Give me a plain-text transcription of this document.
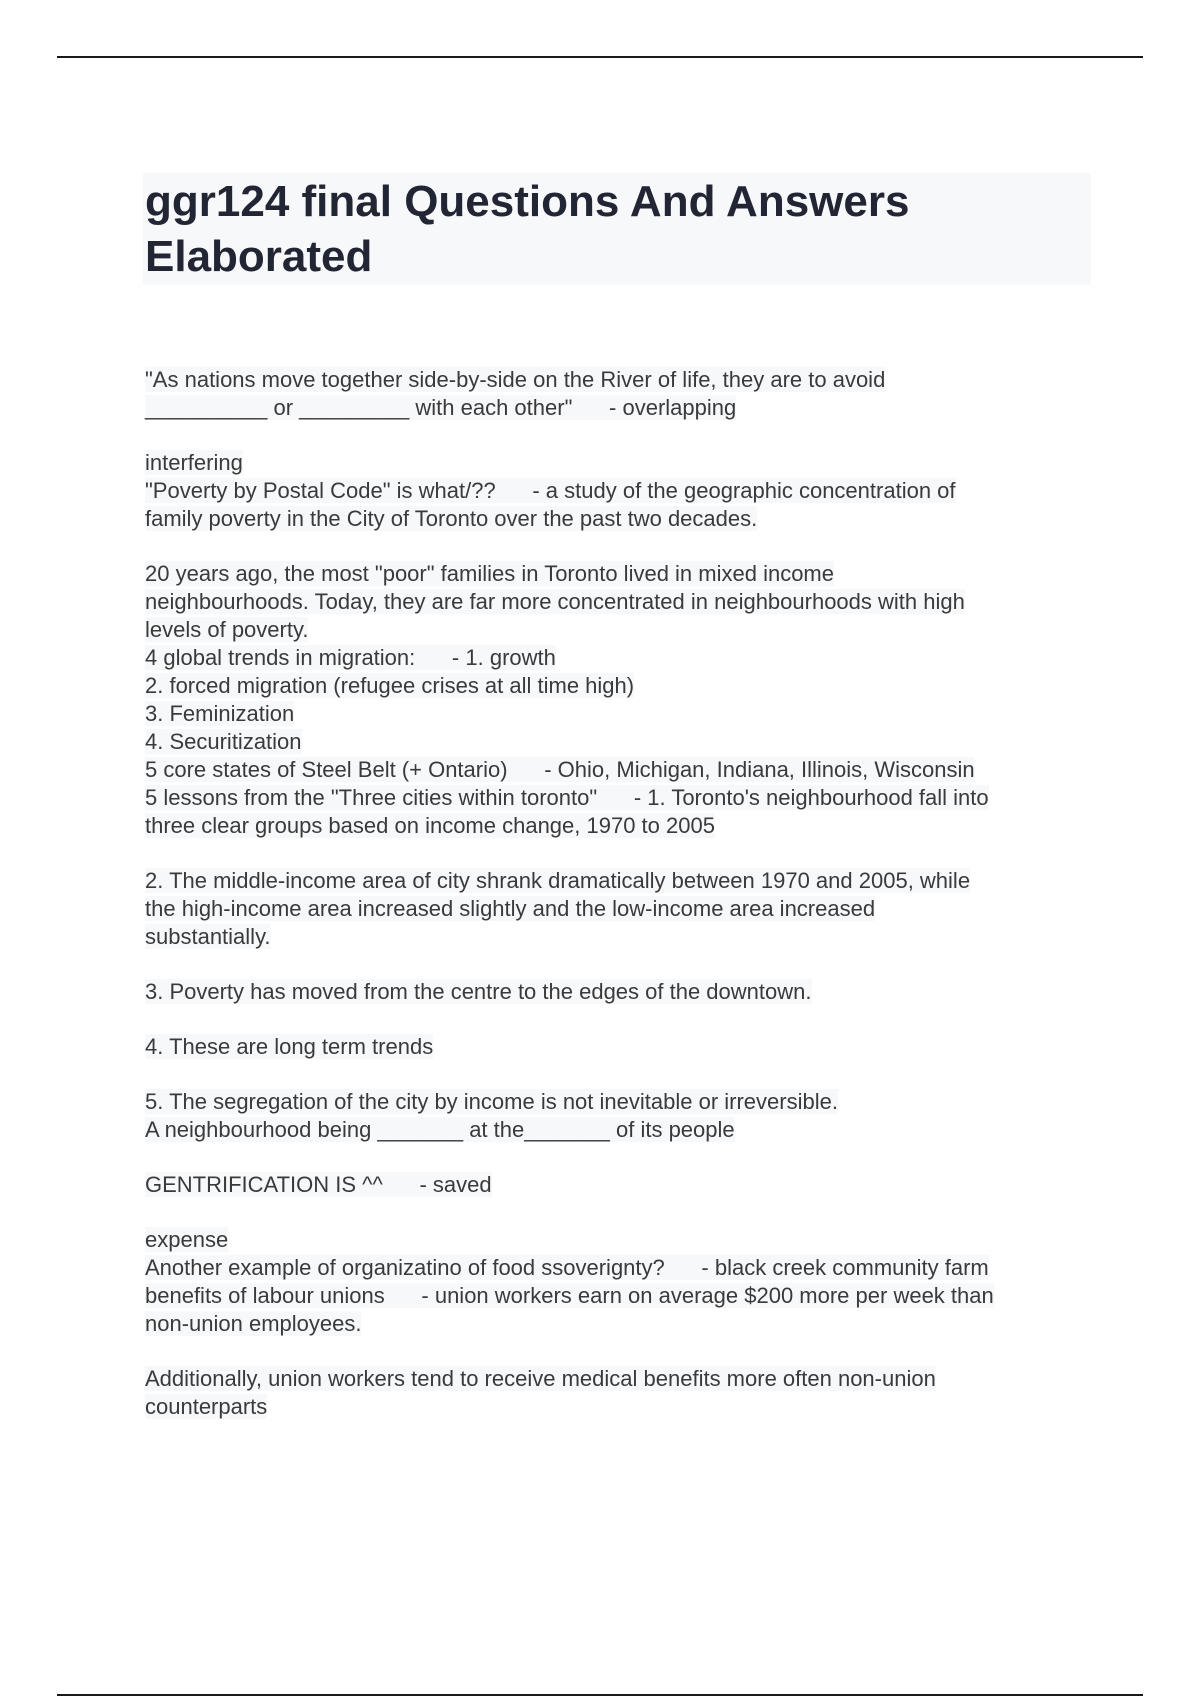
ggr124 final Questions And Answers Elaborated
"As nations move together side-by-side on the River of life, they are to avoid
__________ or _________ with each other"      - overlapping
interfering
"Poverty by Postal Code" is what/??      - a study of the geographic concentration of
family poverty in the City of Toronto over the past two decades.
20 years ago, the most "poor" families in Toronto lived in mixed income
neighbourhoods. Today, they are far more concentrated in neighbourhoods with high
levels of poverty.
4 global trends in migration:      - 1. growth
2. forced migration (refugee crises at all time high)
3. Feminization
4. Securitization
5 core states of Steel Belt (+ Ontario)      - Ohio, Michigan, Indiana, Illinois, Wisconsin
5 lessons from the "Three cities within toronto"      - 1. Toronto's neighbourhood fall into
three clear groups based on income change, 1970 to 2005
2. The middle-income area of city shrank dramatically between 1970 and 2005, while
the high-income area increased slightly and the low-income area increased
substantially.
3. Poverty has moved from the centre to the edges of the downtown.
4. These are long term trends
5. The segregation of the city by income is not inevitable or irreversible.
A neighbourhood being _______ at the_______ of its people
GENTRIFICATION IS ^^      - saved
expense
Another example of organizatino of food ssoverignty?      - black creek community farm
benefits of labour unions      - union workers earn on average $200 more per week than
non-union employees.
Additionally, union workers tend to receive medical benefits more often non-union
counterparts
